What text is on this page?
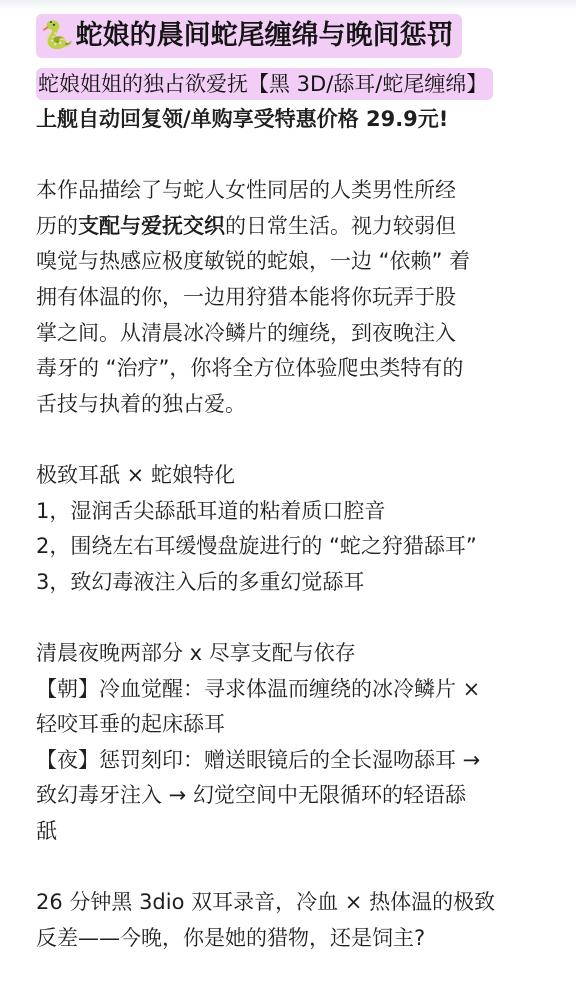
🐍蛇娘的晨间蛇尾缠绵与晚间惩罚
蛇娘姐姐的独占欲爱抚【黑 3D/舔耳/蛇尾缠绵】
上舰自动回复领/单购享受特惠价格 29.9元!
本作品描绘了与蛇人女性同居的人类男性所经
历的支配与爱抚交织的日常生活。视力较弱但
嗅觉与热感应极度敏锐的蛇娘，一边 “依赖” 着
拥有体温的你，一边用狩猎本能将你玩弄于股
掌之间。从清晨冰冷鳞片的缠绕，到夜晚注入
毒牙的 “治疗”，你将全方位体验爬虫类特有的
舌技与执着的独占爱。
极致耳舐 × 蛇娘特化
1，湿润舌尖舔舐耳道的粘着质口腔音
2，围绕左右耳缓慢盘旋进行的 “蛇之狩猎舔耳”
3，致幻毒液注入后的多重幻觉舔耳
清晨夜晚两部分 x 尽享支配与依存
【朝】冷血觉醒：寻求体温而缠绕的冰冷鳞片 ×
轻咬耳垂的起床舔耳
【夜】惩罚刻印：赠送眼镜后的全长湿吻舔耳 →
致幻毒牙注入 → 幻觉空间中无限循环的轻语舔
舐
26 分钟黑 3dio 双耳录音，冷血 × 热体温的极致
反差——今晚，你是她的猎物，还是饲主?
